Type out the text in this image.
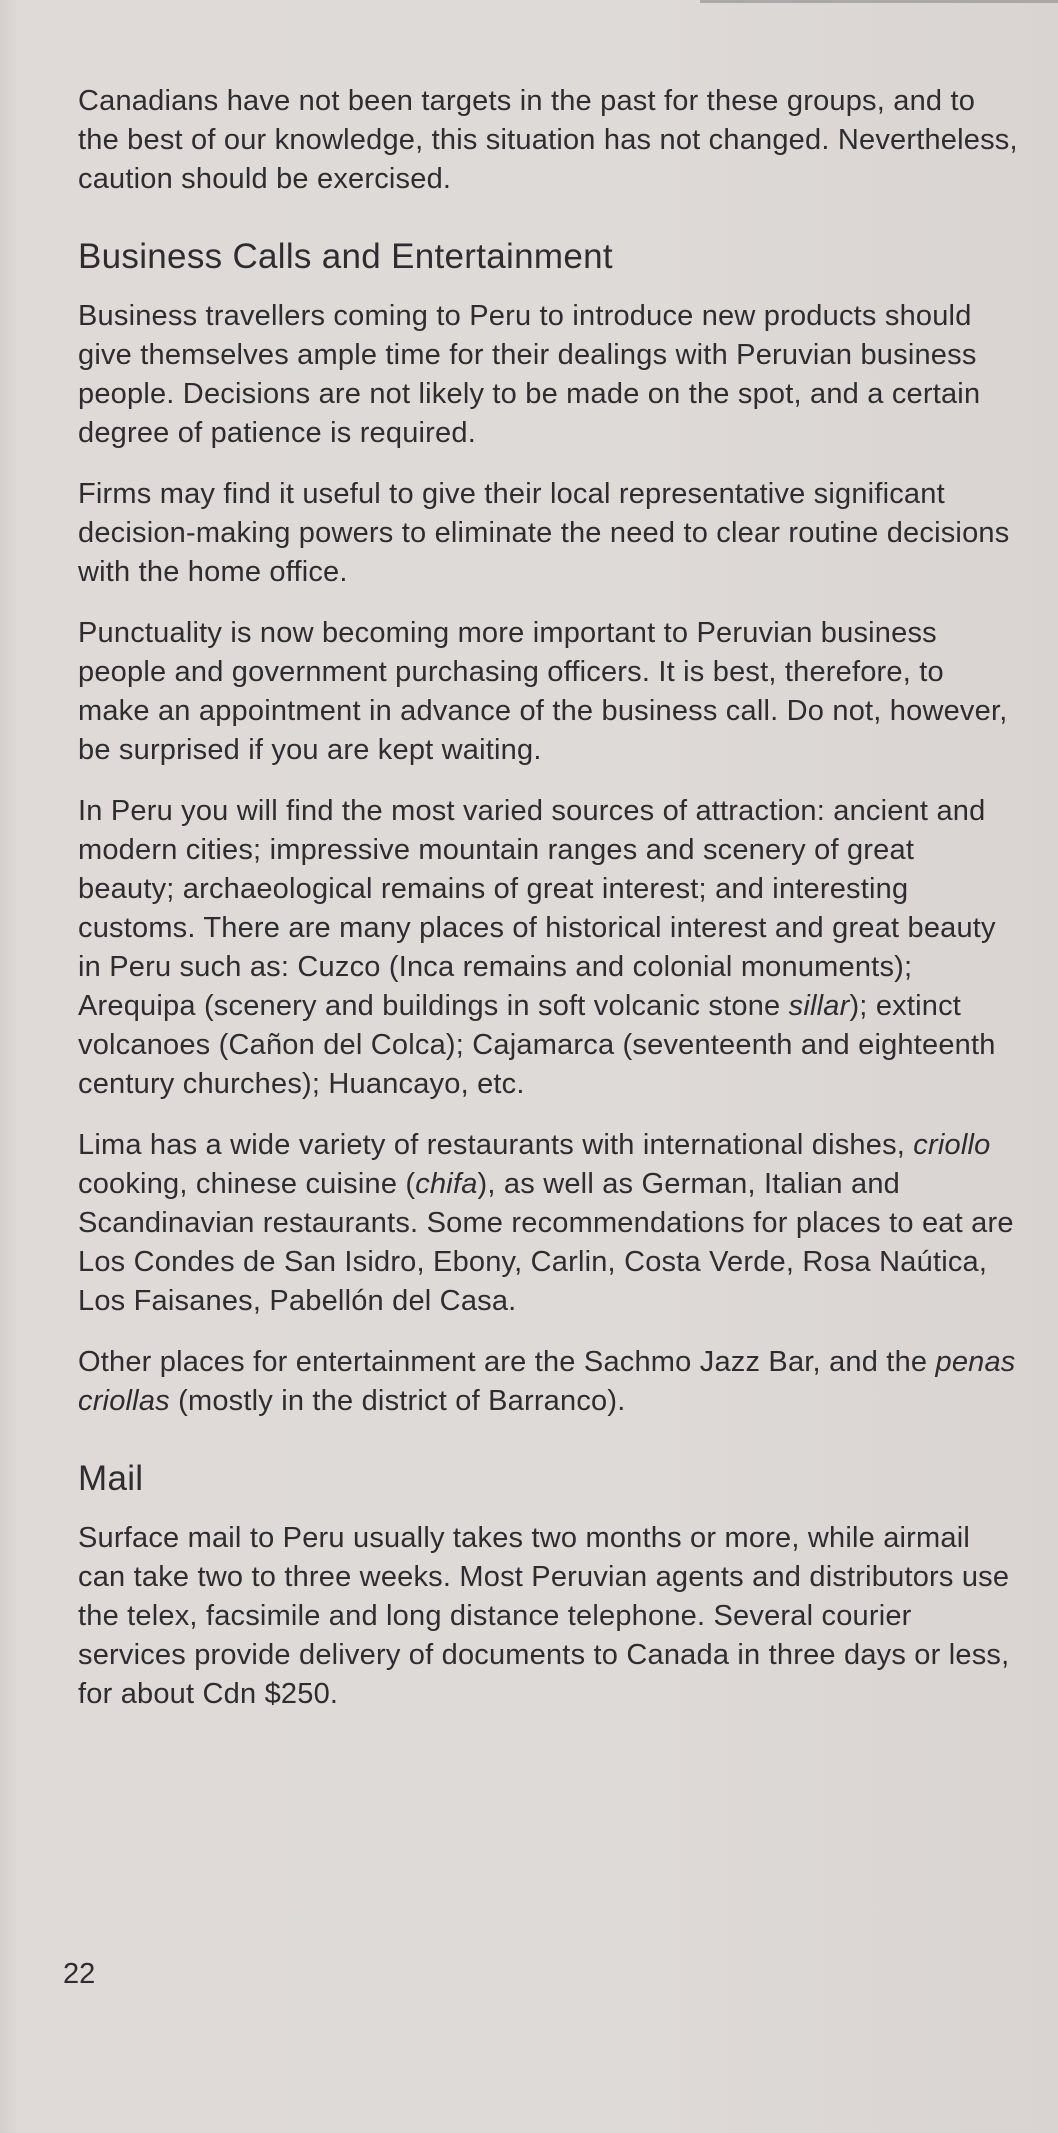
Canadians have not been targets in the past for these groups, and to the best of our knowledge, this situation has not changed. Nevertheless, caution should be exercised.

Business Calls and Entertainment

Business travellers coming to Peru to introduce new products should give themselves ample time for their dealings with Peruvian business people. Decisions are not likely to be made on the spot, and a certain degree of patience is required.

Firms may find it useful to give their local representative significant decision-making powers to eliminate the need to clear routine decisions with the home office.

Punctuality is now becoming more important to Peruvian business people and government purchasing officers. It is best, therefore, to make an appointment in advance of the business call. Do not, however, be surprised if you are kept waiting.

In Peru you will find the most varied sources of attraction: ancient and modern cities; impressive mountain ranges and scenery of great beauty; archaeological remains of great interest; and interesting customs. There are many places of historical interest and great beauty in Peru such as: Cuzco (Inca remains and colonial monuments); Arequipa (scenery and buildings in soft volcanic stone sillar); extinct volcanoes (Cañon del Colca); Cajamarca (seventeenth and eighteenth century churches); Huancayo, etc.

Lima has a wide variety of restaurants with international dishes, criollo cooking, chinese cuisine (chifa), as well as German, Italian and Scandinavian restaurants. Some recommendations for places to eat are Los Condes de San Isidro, Ebony, Carlin, Costa Verde, Rosa Naútica, Los Faisanes, Pabellón del Casa.

Other places for entertainment are the Sachmo Jazz Bar, and the penas criollas (mostly in the district of Barranco).

Mail

Surface mail to Peru usually takes two months or more, while airmail can take two to three weeks. Most Peruvian agents and distributors use the telex, facsimile and long distance telephone. Several courier services provide delivery of documents to Canada in three days or less, for about Cdn $250.

22
